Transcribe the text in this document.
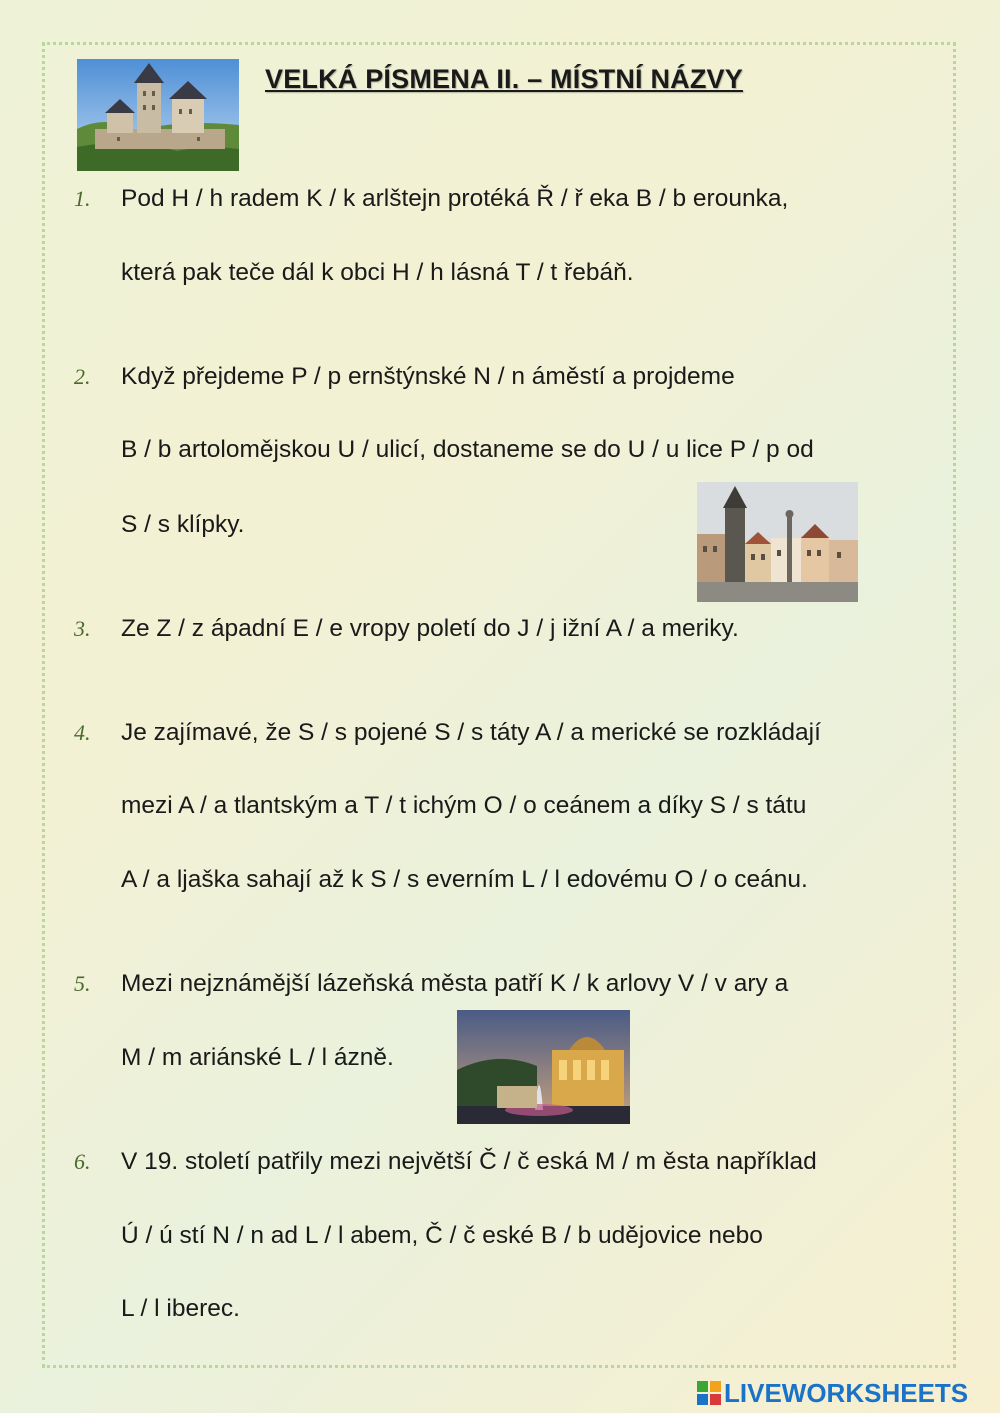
VELKÁ PÍSMENA II. – MÍSTNÍ NÁZVY
1. Pod H / h radem K / k arlštejn protéká Ř / ř eka B / b erounka,
která pak teče dál k obci H / h lásná T / t řebáň.
2. Když přejdeme P / p ernštýnské N / n áměstí a projdeme
B / b artolomějskou U / ulicí, dostaneme se do U / u lice P / p od
S / s klípky.
3. Ze Z / z ápadní E / e vropy poletí do J / j ižní A / a meriky.
4. Je zajímavé, že S / s pojené S / s táty A / a merické se rozkládají
mezi A / a tlantským a T / t ichým O / o ceánem a díky S / s tátu
A / a ljaška sahají až k S / s everním L / l edovému O / o ceánu.
5. Mezi nejznámější lázeňská města patří K / k arlovy V / v ary a
M / m ariánské L / l ázně.
6. V 19. století patřily mezi největší Č / č eská M / m ěsta například
Ú / ú stí N / n ad L / l abem, Č / č eské B / b udějovice nebo
L / l iberec.
LIVEWORKSHEETS
